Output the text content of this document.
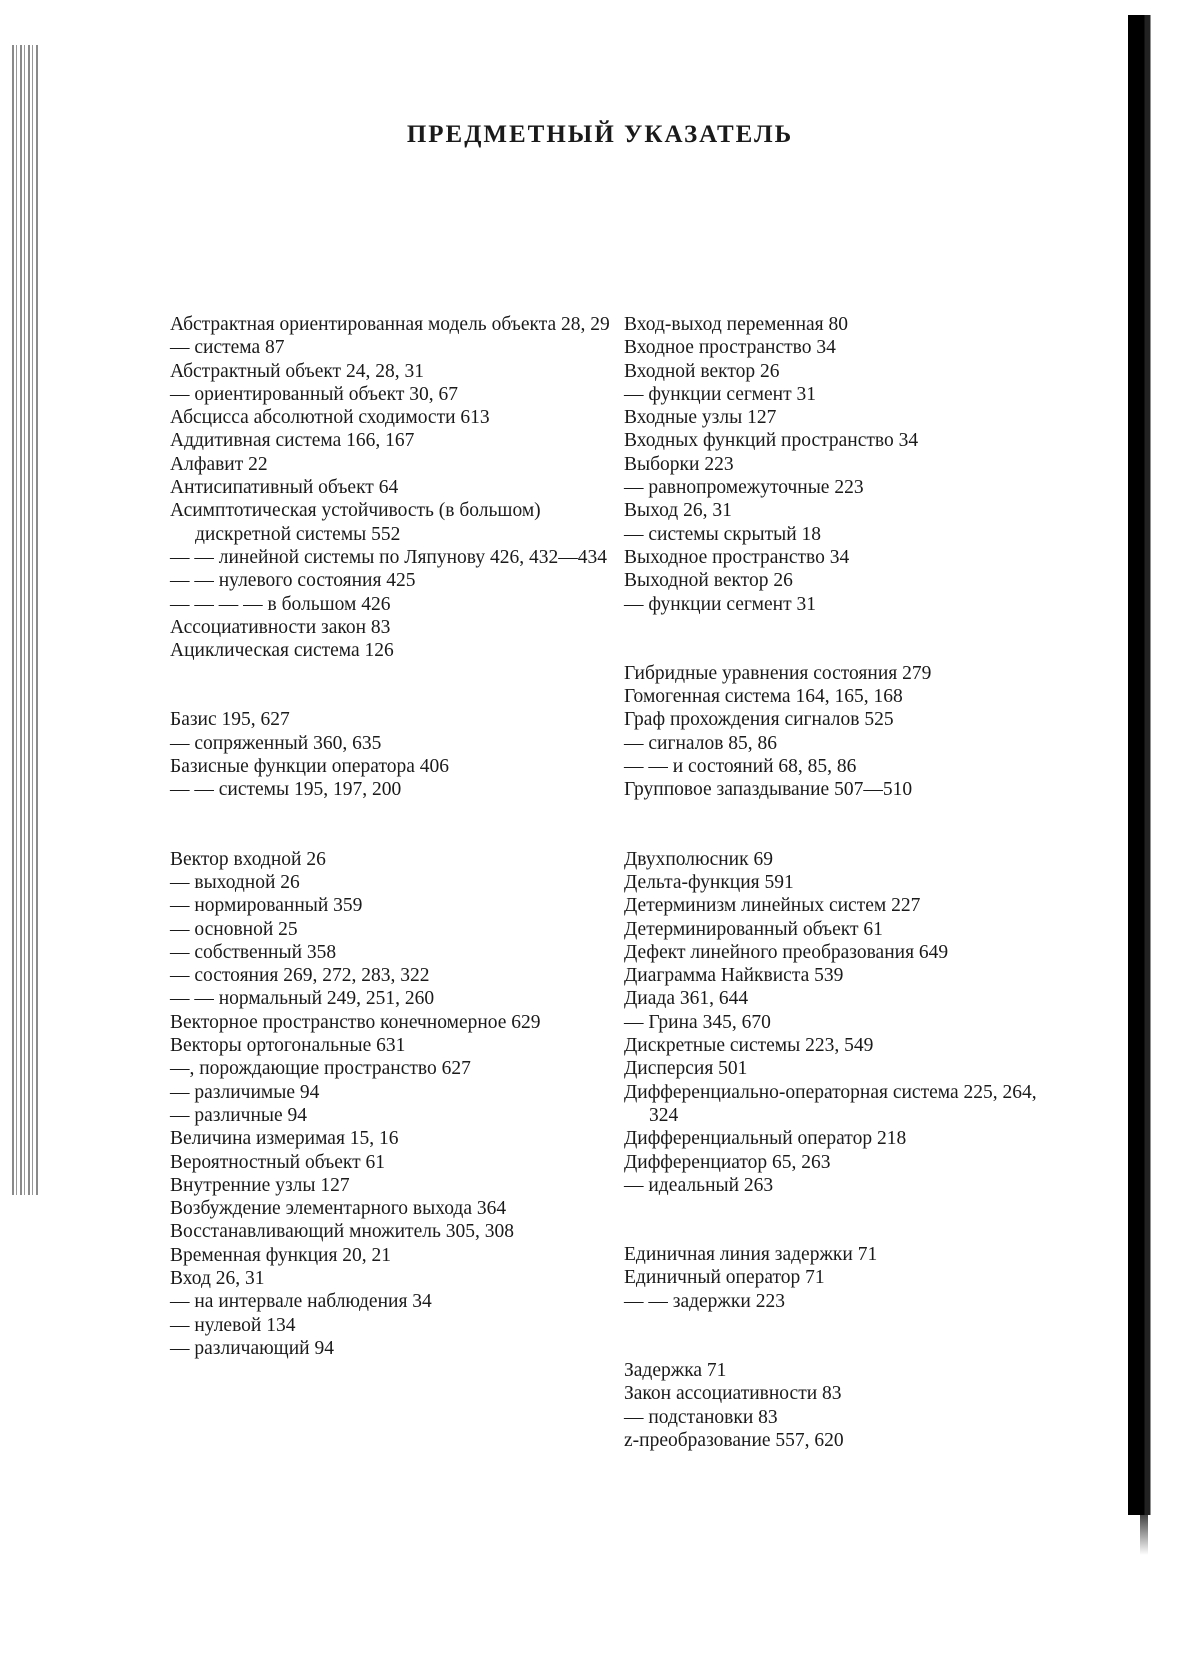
ПРЕДМЕТНЫЙ УКАЗАТЕЛЬ
Абстрактная ориентированная модель объекта 28, 29
— система 87
Абстрактный объект 24, 28, 31
— ориентированный объект 30, 67
Абсцисса абсолютной сходимости 613
Аддитивная система 166, 167
Алфавит 22
Антисипативный объект 64
Асимптотическая устойчивость (в большом) дискретной системы 552
— — линейной системы по Ляпунову 426, 432—434
— — нулевого состояния 425
— — — — в большом 426
Ассоциативности закон 83
Ациклическая система 126
Базис 195, 627
— сопряженный 360, 635
Базисные функции оператора 406
— — системы 195, 197, 200
Вектор входной 26
— выходной 26
— нормированный 359
— основной 25
— собственный 358
— состояния 269, 272, 283, 322
— — нормальный 249, 251, 260
Векторное пространство конечномерное 629
Векторы ортогональные 631
—, порождающие пространство 627
— различимые 94
— различные 94
Величина измеримая 15, 16
Вероятностный объект 61
Внутренние узлы 127
Возбуждение элементарного выхода 364
Восстанавливающий множитель 305, 308
Временная функция 20, 21
Вход 26, 31
— на интервале наблюдения 34
— нулевой 134
— различающий 94
Вход-выход переменная 80
Входное пространство 34
Входной вектор 26
— функции сегмент 31
Входные узлы 127
Входных функций пространство 34
Выборки 223
— равнопромежуточные 223
Выход 26, 31
— системы скрытый 18
Выходное пространство 34
Выходной вектор 26
— функции сегмент 31
Гибридные уравнения состояния 279
Гомогенная система 164, 165, 168
Граф прохождения сигналов 525
— сигналов 85, 86
— — и состояний 68, 85, 86
Групповое запаздывание 507—510
Двухполюсник 69
Дельта-функция 591
Детерминизм линейных систем 227
Детерминированный объект 61
Дефект линейного преобразования 649
Диаграмма Найквиста 539
Диада 361, 644
— Грина 345, 670
Дискретные системы 223, 549
Дисперсия 501
Дифференциально-операторная система 225, 264, 324
Дифференциальный оператор 218
Дифференциатор 65, 263
— идеальный 263
Единичная линия задержки 71
Единичный оператор 71
— — задержки 223
Задержка 71
Закон ассоциативности 83
— подстановки 83
z-преобразование 557, 620
